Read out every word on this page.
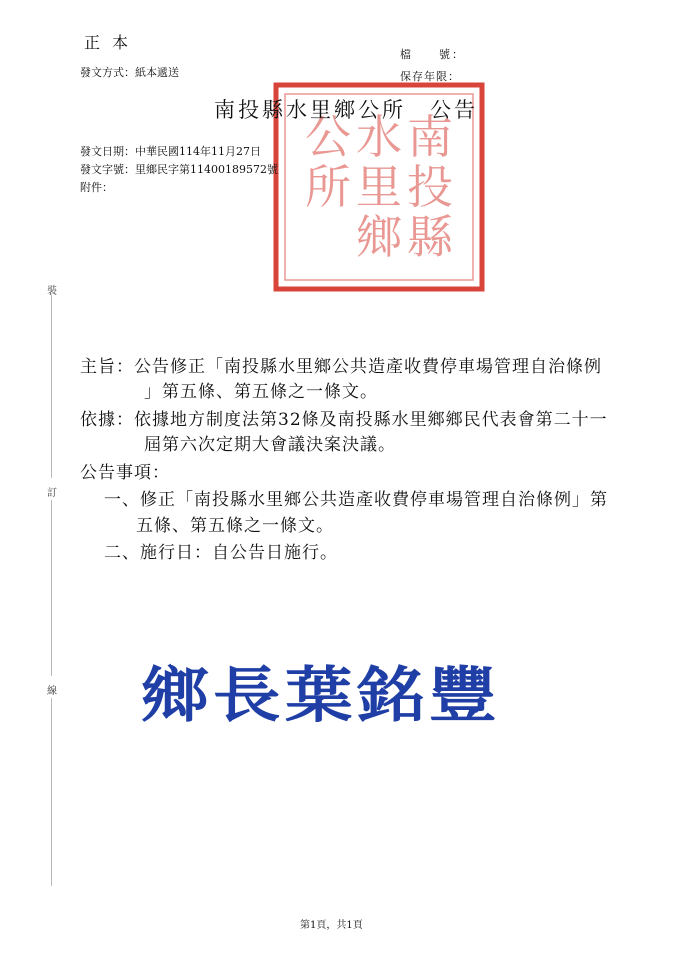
正本
發文方式：紙本遞送
檔　　號：
保存年限：
南
投
縣
水
里
鄉
公
所
南投縣水里鄉公所　公告
發文日期：中華民國114年11月27日
發文字號：里鄉民字第11400189572號
附件：
裝
訂
線
主旨：公告修正「南投縣水里鄉公共造產收費停車場管理自治條例
」第五條、第五條之一條文。
依據：依據地方制度法第32條及南投縣水里鄉鄉民代表會第二十一
屆第六次定期大會議決案決議。
公告事項：
一、修正「南投縣水里鄉公共造產收費停車場管理自治條例」第
五條、第五條之一條文。
二、施行日：自公告日施行。
鄉長葉銘豐
第1頁，共1頁
